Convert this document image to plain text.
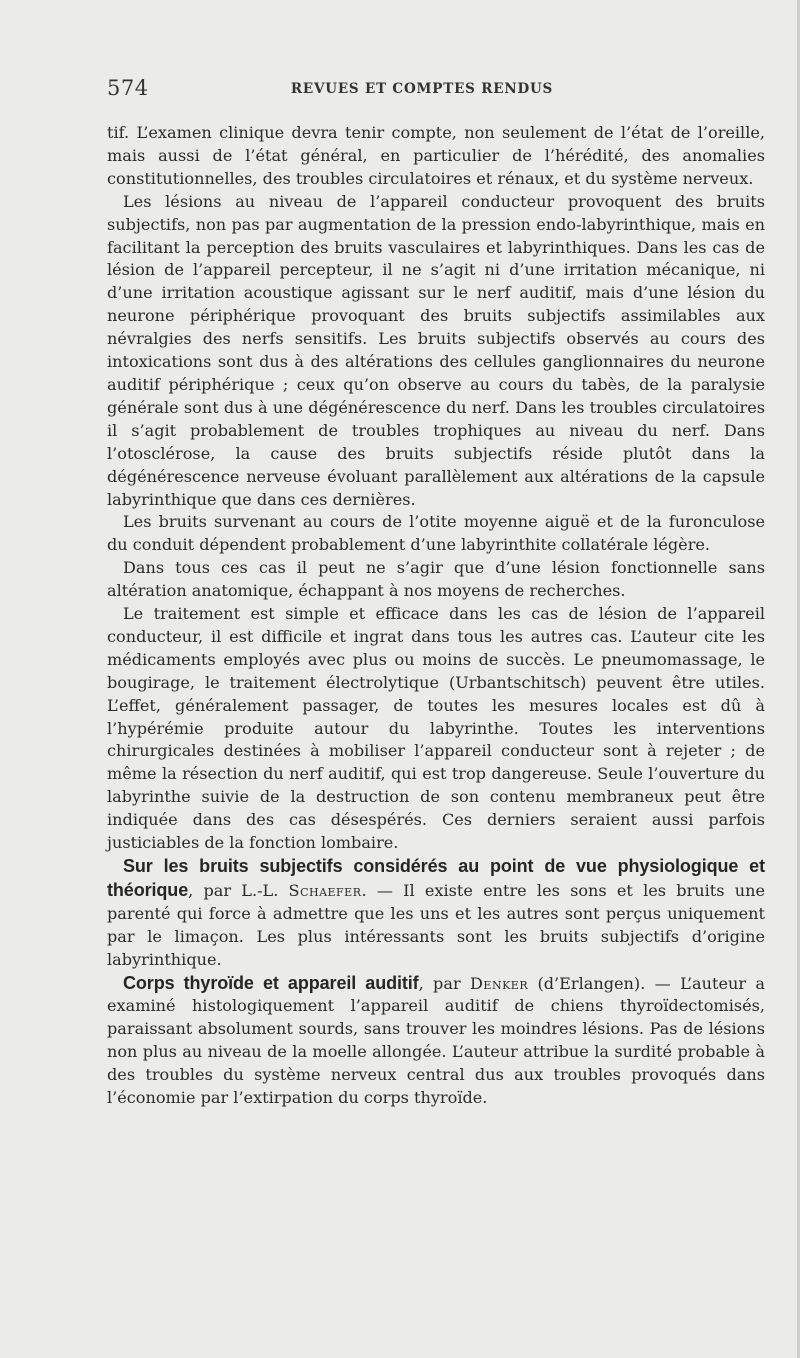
574	REVUES ET COMPTES RENDUS

tif. L’examen clinique devra tenir compte, non seulement de l’état de l’oreille, mais aussi de l’état général, en particulier de l’hérédité, des anomalies constitutionnelles, des troubles circulatoires et rénaux, et du système nerveux.

Les lésions au niveau de l’appareil conducteur provoquent des bruits subjectifs, non pas par augmentation de la pression endo-labyrinthique, mais en facilitant la perception des bruits vasculaires et labyrinthiques. Dans les cas de lésion de l’appareil percepteur, il ne s’agit ni d’une irritation mécanique, ni d’une irritation acoustique agissant sur le nerf auditif, mais d’une lésion du neurone périphérique provoquant des bruits subjectifs assimilables aux névralgies des nerfs sensitifs. Les bruits subjectifs observés au cours des intoxications sont dus à des altérations des cellules ganglionnaires du neurone auditif périphérique ; ceux qu’on observe au cours du tabès, de la paralysie générale sont dus à une dégénérescence du nerf. Dans les troubles circulatoires il s’agit probablement de troubles trophiques au niveau du nerf. Dans l’otosclérose, la cause des bruits subjectifs réside plutôt dans la dégénérescence nerveuse évoluant parallèlement aux altérations de la capsule labyrinthique que dans ces dernières.

Les bruits survenant au cours de l’otite moyenne aiguë et de la furonculose du conduit dépendent probablement d’une labyrinthite collatérale légère.

Dans tous ces cas il peut ne s’agir que d’une lésion fonctionnelle sans altération anatomique, échappant à nos moyens de recherches.

Le traitement est simple et efficace dans les cas de lésion de l’appareil conducteur, il est difficile et ingrat dans tous les autres cas. L’auteur cite les médicaments employés avec plus ou moins de succès. Le pneumomassage, le bougirage, le traitement électrolytique (Urbantschitsch) peuvent être utiles. L’effet, généralement passager, de toutes les mesures locales est dû à l’hypérémie produite autour du labyrinthe. Toutes les interventions chirurgicales destinées à mobiliser l’appareil conducteur sont à rejeter ; de même la résection du nerf auditif, qui est trop dangereuse. Seule l’ouverture du labyrinthe suivie de la destruction de son contenu membraneux peut être indiquée dans des cas désespérés. Ces derniers seraient aussi parfois justiciables de la fonction lombaire.

Sur les bruits subjectifs considérés au point de vue physiologique et théorique, par L.-L. Schaefer. — Il existe entre les sons et les bruits une parenté qui force à admettre que les uns et les autres sont perçus uniquement par le limaçon. Les plus intéressants sont les bruits subjectifs d’origine labyrinthique.

Corps thyroïde et appareil auditif, par Denker (d’Erlangen). — L’auteur a examiné histologiquement l’appareil auditif de chiens thyroïdectomisés, paraissant absolument sourds, sans trouver les moindres lésions. Pas de lésions non plus au niveau de la moelle allongée. L’auteur attribue la surdité probable à des troubles du système nerveux central dus aux troubles provoqués dans l’économie par l’extirpation du corps thyroïde.
